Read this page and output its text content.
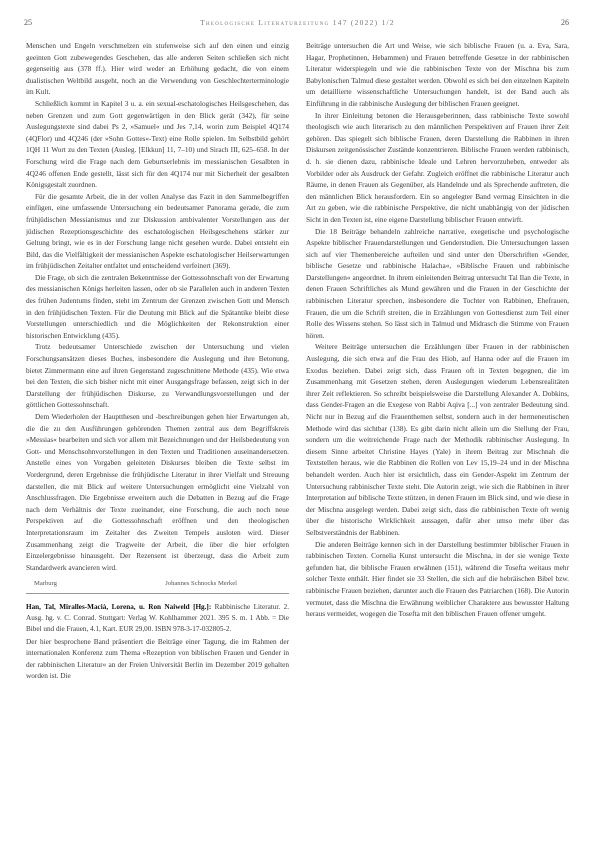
25	Theologische Literaturzeitung 147 (2022) 1/2	26

Menschen und Engeln verschmelzen ein stufenweise sich auf den einen und einzig geeinten Gott zubewegendes Geschehen, das alle anderen Seiten schließen sich nicht gegenseitig aus (378 ff.). Hier wird weder an Erhöhung gedacht, die von einem dualistischen Weltbild ausgeht, noch an die Verwendung von Geschlechterterminologie im Kult.

Schließlich kommt in Kapitel 3 u. a. ein sexual-eschatologisches Heilsgeschehen, das neben Grenzen und zum Gott gegenwärtigen in den Blick gerät (342), für seine Auslegungstexte sind dabei Ps 2, »Samuel« und Jes 7,14, worin zum Beispiel 4Q174 (4QFlor) und 4Q246 (der »Sohn Gottes«-Text) eine Rolle spielen. Im Selbstbild gehört 1QH 11 Wort zu den Texten (Ausleg. [Elkkun] 11, 7–10) und Sirach III, 625–658. In der Forschung wird die Frage nach dem Geburtserlebnis im messianischen Gesalbten in 4Q246 offenen Ende gestellt, lässt sich für den 4Q174 nur mit Sicherheit der gesalbten Königsgestalt zuordnen.

Für die gesamte Arbeit, die in der vollen Analyse das Fazit in den Sammelbegriffen einfügen, eine umfassende Untersuchung ein bedeutsamer Panorama gerade, die zum frühjüdischen Messianismus und zur Diskussion ambivalenter Vorstellungen aus der jüdischen Rezeptionsgeschichte des eschatologischen Heilsgeschehens stärker zur Geltung bringt, wie es in der Forschung lange nicht gesehen wurde. Dabei entsteht ein Bild, das die Vielfältigkeit der messianischen Aspekte eschatologischer Heilserwartungen im frühjüdischen Zeitalter entfaltet und entscheidend verfeinert (369).

Die Frage, ob sich die zentralen Bekenntnisse der Gottessohnschaft von der Erwartung des messianischen Königs herleiten lassen, oder ob sie Parallelen auch in anderen Texten des frühen Judentums finden, steht im Zentrum der Grenzen zwischen Gott und Mensch in den frühjüdischen Texten. Für die Deutung mit Blick auf die Spätantike bleibt diese Vorstellungen unterschiedlich und die Möglichkeiten der Rekonstruktion einer historischen Entwicklung (435).

Trotz bedeutsamer Unterschiede zwischen der Untersuchung und vielen Forschungsansätzen dieses Buches, insbesondere die Auslegung und ihre Betonung, bietet Zimmermann eine auf ihren Gegenstand zugeschnittene Methode (435). Wie etwa bei den Texten, die sich bisher nicht mit einer Ausgangsfrage befassen, zeigt sich in der Darstellung der frühjüdischen Diskurse, zu Verwandlungsvorstellungen und der göttlichen Gottessohnschaft.

Dem Wiederholen der Hauptthesen und -beschreibungen gehen hier Erwartungen ab, die die zu den Ausführungen gehörenden Themen zentral aus dem Begriffskreis »Messias« bearbeiten und sich vor allem mit Bezeichnungen und der Heilsbedeutung von Gott- und Menschsohnvorstellungen in den Texten und Traditionen auseinandersetzen. Anstelle eines von Vorgaben geleiteten Diskurses bleiben die Texte selbst im Vordergrund, deren Ergebnisse die frühjüdische Literatur in ihrer Vielfalt und Streuung darstellen, die mit Blick auf weitere Untersuchungen ermöglicht eine Vielzahl von Anschlussfragen. Die Ergebnisse erweitern auch die Debatten in Bezug auf die Frage nach dem Verhältnis der Texte zueinander, eine Forschung, die auch noch neue Perspektiven auf die Gottessohnschaft eröffnen und den theologischen Interpretationsraum im Zeitalter des Zweiten Tempels ausloten wird. Dieser Zusammenhang zeigt die Tragweite der Arbeit, die über die hier erfolgten Einzelergebnisse hinausgeht. Der Rezensent ist überzeugt, dass die Arbeit zum Standardwerk avancieren wird.

Marburg	Johannes Schnocks Merkel

Han, Tal, Miralles-Macià, Lorena, u. Ron Naiweld [Hg.]: Rabbinische Literatur. 2. Ausg. hg. v. C. Conrad. Stuttgart: Verlag W. Kohlhammer 2021. 395 S. m. 1 Abb. = Die Bibel und die Frauen, 4.1, Kart. EUR 29,00. ISBN 978-3-17-032805-2.

Der hier besprochene Band präsentiert die Beiträge einer Tagung, die im Rahmen der internationalen Konferenz zum Thema »Rezeption von biblischen Frauen und Gender in der rabbinischen Literatur« an der Freien Universität Berlin im Dezember 2019 gehalten worden ist. Die

Beiträge untersuchen die Art und Weise, wie sich biblische Frauen (u. a. Eva, Sara, Hagar, Prophetinnen, Hebammen) und Frauen betreffende Gesetze in der rabbinischen Literatur widerspiegeln und wie die rabbinischen Texte von der Mischna bis zum Babylonischen Talmud diese gestaltet werden. Obwohl es sich bei den einzelnen Kapiteln um detaillierte wissenschaftliche Untersuchungen handelt, ist der Band auch als Einführung in die rabbinische Auslegung der biblischen Frauen geeignet.

In ihrer Einleitung betonen die Herausgeberinnen, dass rabbinische Texte sowohl theologisch wie auch literarisch zu den männlichen Perspektiven auf Frauen ihrer Zeit gehören. Das spiegelt sich biblische Frauen, deren Darstellung die Rabbinen in ihren Diskursen zeitgenössischer Zustände konzentrieren. Biblische Frauen werden rabbinisch, d. h. sie dienen dazu, rabbinische Ideale und Lehren hervorzuheben, entweder als Vorbilder oder als Ausdruck der Gefahr. Zugleich eröffnet die rabbinische Literatur auch Räume, in denen Frauen als Gegenüber, als Handelnde und als Sprechende auftreten, die den männlichen Blick herausfordern. Ein so angelegter Band vermag Einsichten in die Art zu geben, wie die rabbinische Perspektive, die nicht unabhängig von der jüdischen Sicht in den Texten ist, eine eigene Darstellung biblischer Frauen entwirft.

Die 18 Beiträge behandeln zahlreiche narrative, exegetische und psychologische Aspekte biblischer Frauendarstellungen und Genderstudien. Die Untersuchungen lassen sich auf vier Themenbereiche aufteilen und sind unter den Überschriften »Gender, biblische Gesetze und rabbinische Halacha«, »Biblische Frauen und rabbinische Darstellungen« angeordnet. In ihrem einleitenden Beitrag untersucht Tal Ilan die Texte, in denen Frauen Schriftliches als Mund gewähren und die Frauen in der Geschichte der rabbinischen Literatur sprechen, insbesondere die Tochter von Rabbinen, Ehefrauen, Frauen, die um die Schrift streiten, die in Erzählungen von Gottesdienst zum Teil einer Rolle des Wissens stehen. So lässt sich in Talmud und Midrasch die Stimme von Frauen hören.

Weitere Beiträge untersuchen die Erzählungen über Frauen in der rabbinischen Auslegung, die sich etwa auf die Frau des Hiob, auf Hanna oder auf die Frauen im Exodus beziehen. Dabei zeigt sich, dass Frauen oft in Texten begegnen, die im Zusammenhang mit Gesetzen stehen, deren Auslegungen wiederum Lebensrealitäten ihrer Zeit reflektieren. So schreibt beispielsweise die Darstellung Alexander A. Dobkins, dass Gender-Fragen an die Exegese von Rabbi Aqiva [...] von zentraler Bedeutung sind. Nicht nur in Bezug auf die Frauenthemen selbst, sondern auch in der hermeneutischen Methode wird das sichtbar (138). Es gibt darin nicht allein um die Stellung der Frau, sondern um die weitreichende Frage nach der Methodik rabbinischer Auslegung. In diesem Sinne arbeitet Christine Hayes (Yale) in ihrem Beitrag zur Mischnah die Textstellen heraus, wie die Rabbinen die Rollen von Lev 15,19–24 und in der Mischna behandelt werden. Auch hier ist ersichtlich, dass ein Gender-Aspekt im Zentrum der Untersuchung rabbinischer Texte steht. Die Autorin zeigt, wie sich die Rabbinen in ihrer Interpretation auf biblische Texte stützen, in denen Frauen im Blick sind, und wie diese in der Mischna ausgelegt werden. Dabei zeigt sich, dass die rabbinischen Texte oft wenig über die historische Wirklichkeit aussagen, dafür aber umso mehr über das Selbstverständnis der Rabbinen.

Die anderen Beiträge kennen sich in der Darstellung bestimmter biblischer Frauen in rabbinischen Texten. Cornelia Kunst untersucht die Mischna, in der sie wenige Texte gefunden hat, die biblische Frauen erwähnen (151), während die Tosefta weitaus mehr solcher Texte enthält. Hier findet sie 33 Stellen, die sich auf die hebräischen Bibel bzw. rabbinische Frauen beziehen, darunter auch die Frauen des Patriarchen (168). Die Autorin vermutet, dass die Mischna die Erwähnung weiblicher Charaktere aus bewusster Haltung heraus vermeidet, wogegen die Tosefta mit den biblischen Frauen offener umgeht.
